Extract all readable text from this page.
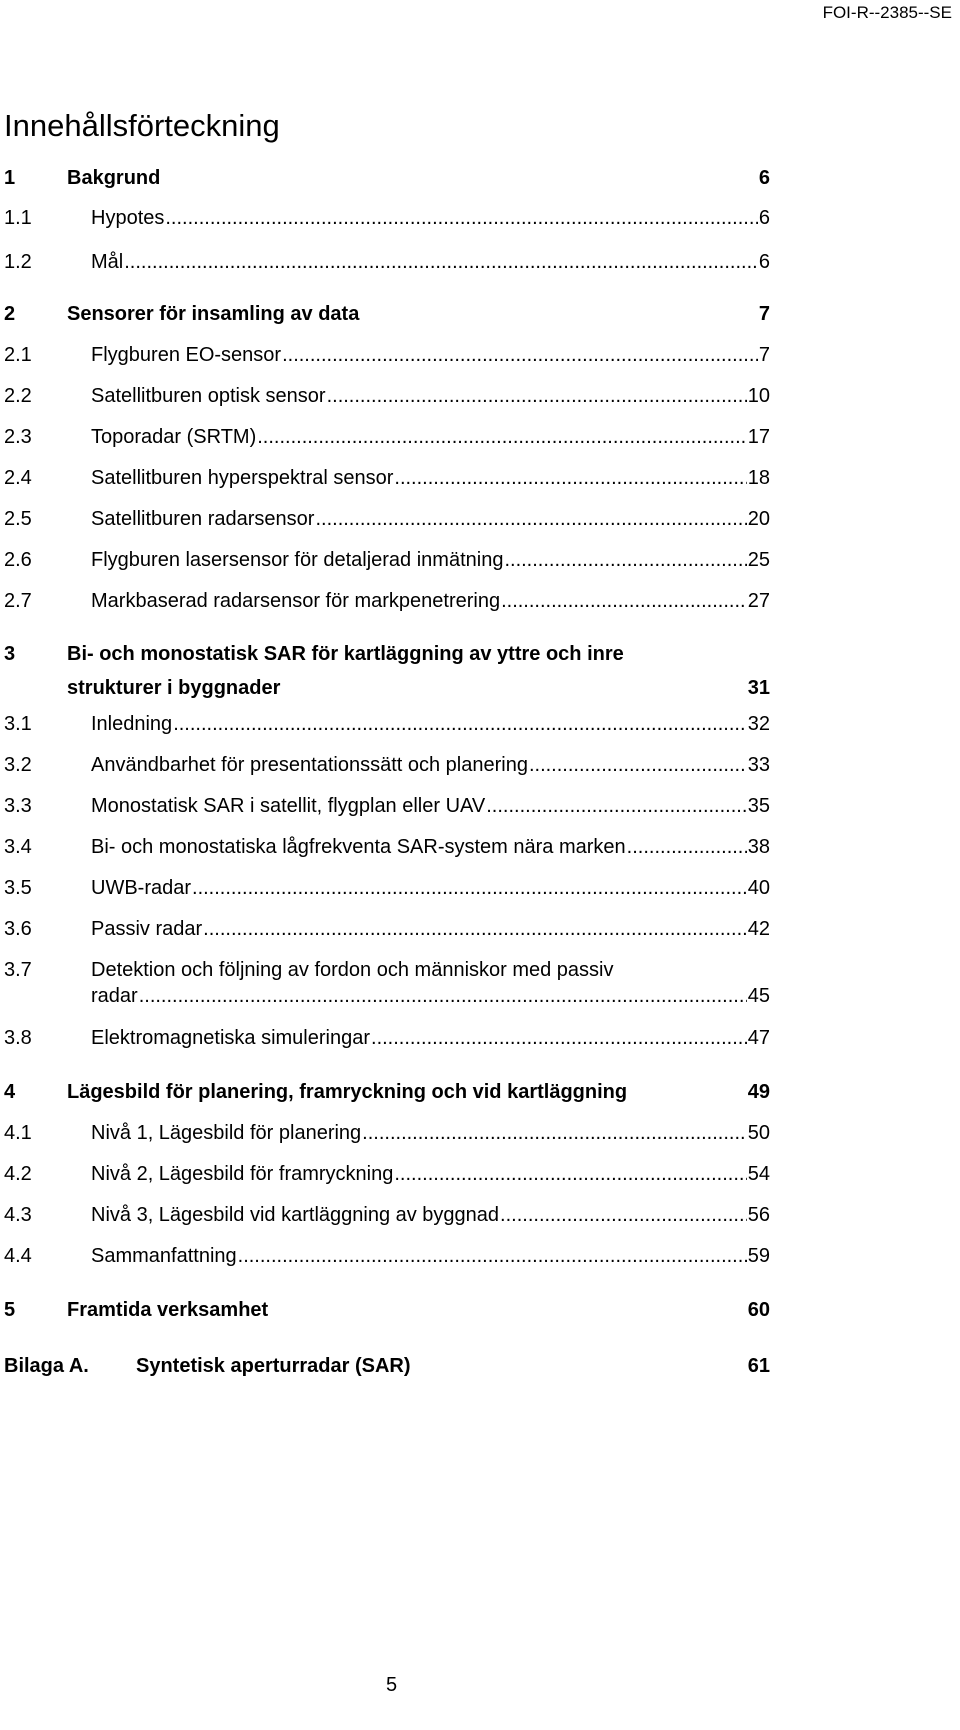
FOI-R--2385--SE
Innehållsförteckning
1	Bakgrund	6
1.1	Hypotes .....	6
1.2	Mål .....	6
2	Sensorer för insamling av data	7
2.1	Flygburen EO-sensor .....	7
2.2	Satellitburen optisk sensor .....	10
2.3	Toporadar (SRTM) .....	17
2.4	Satellitburen hyperspektral sensor .....	18
2.5	Satellitburen radarsensor .....	20
2.6	Flygburen lasersensor för detaljerad inmätning .....	25
2.7	Markbaserad radarsensor för markpenetrering .....	27
3	Bi- och monostatisk SAR för kartläggning av yttre och inre
strukturer i byggnader	31
3.1	Inledning .....	32
3.2	Användbarhet för presentationssätt och planering .....	33
3.3	Monostatisk SAR i satellit, flygplan eller UAV .....	35
3.4	Bi- och monostatiska lågfrekventa SAR-system nära marken .....	38
3.5	UWB-radar .....	40
3.6	Passiv radar .....	42
3.7	Detektion och följning av fordon och människor med passiv
radar .....	45
3.8	Elektromagnetiska simuleringar .....	47
4	Lägesbild för planering, framryckning och vid kartläggning	49
4.1	Nivå 1, Lägesbild för planering .....	50
4.2	Nivå 2, Lägesbild för framryckning .....	54
4.3	Nivå 3, Lägesbild vid kartläggning av byggnad .....	56
4.4	Sammanfattning .....	59
5	Framtida verksamhet	60
Bilaga A. Syntetisk aperturradar (SAR)	61
5
